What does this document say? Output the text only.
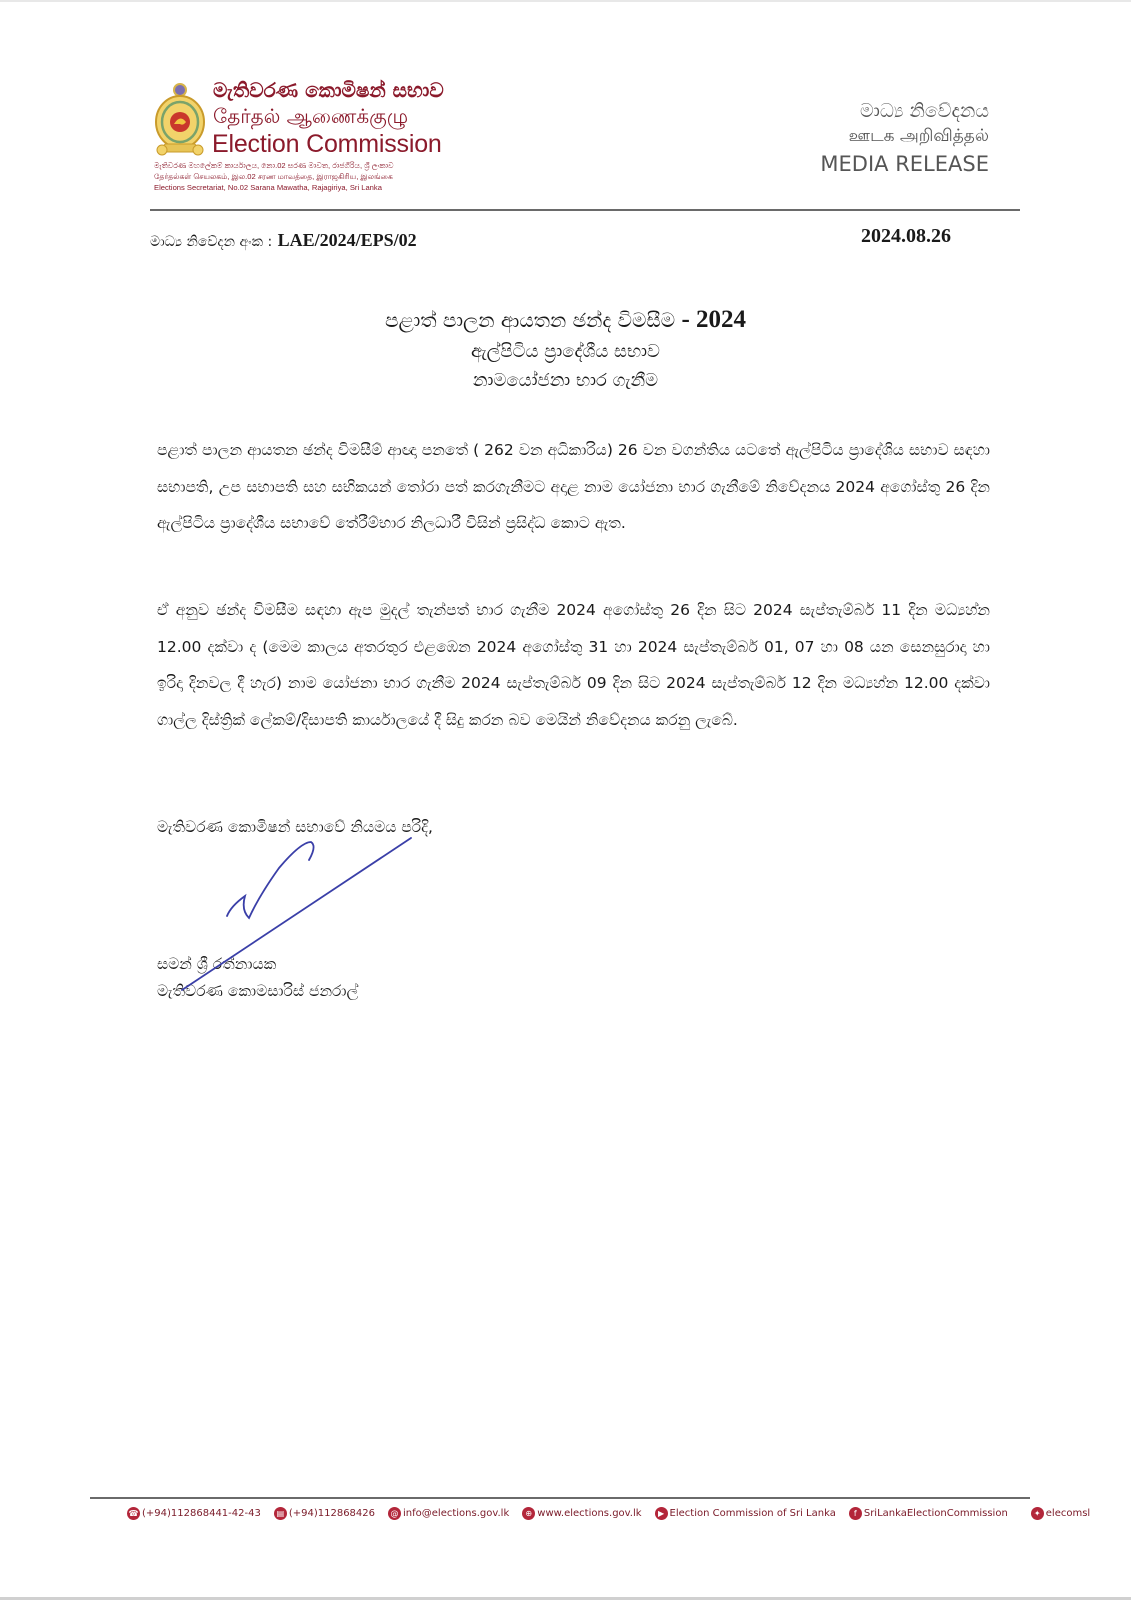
මැතිවරණ කොමිෂන් සභාව
தேர்தல் ஆணைக்குழு
Election Commission
මැතිවරණ මහලේකම් කාර්යාලය, නො.02 සරණ මාවත, රාජගිරිය, ශ්‍රී ලංකාව
தேர்தல்கள் செயலகம், இல.02 சரண மாவத்தை, இராஜகிரிய, இலங்கை
Elections Secretariat, No.02 Sarana Mawatha, Rajagiriya, Sri Lanka
මාධ්‍ය නිවේදනය
ஊடக அறிவித்தல்
MEDIA RELEASE
මාධ්‍ය නිවේදන අංක : LAE/2024/EPS/02	2024.08.26
පළාත් පාලන ආයතන ඡන්ද විමසීම - 2024
ඇල්පිටිය ප්‍රාදේශීය සභාව
නාමයෝජනා භාර ගැනීම
පළාත් පාලන ආයතන ඡන්ද විමසීම් ආඥා පනතේ ( 262 වන අධිකාරිය) 26 වන වගන්තිය යටතේ ඇල්පිටිය ප්‍රාදේශිය සභාව සඳහා සභාපති, උප සභාපති සහ සභිකයන් තෝරා පත් කරගැනීමට අදාළ නාම යෝජනා භාර ගැනීමේ නිවේදනය 2024 අගෝස්තු 26 දින ඇල්පිටිය ප්‍රාදේශීය සභාවේ තේරීම්භාර නිලධාරී විසින් ප්‍රසිද්ධ කොට ඇත.
ඒ අනුව ඡන්ද විමසීම සඳහා ඇප මුදල් තැන්පත් භාර ගැනීම 2024 අගෝස්තු 26 දින සිට 2024 සැප්තැම්බර් 11 දින මධ්‍යහ්න 12.00 දක්වා ද (මෙම කාලය අතරතුර එළඹෙන 2024 අගෝස්තු 31 හා 2024 සැප්තැම්බර් 01, 07 හා 08 යන සෙනසුරාදා හා ඉරිදා දිනවල දී හැර) නාම යෝජනා භාර ගැනීම 2024 සැප්තැම්බර් 09 දින සිට 2024 සැප්තැම්බර් 12 දින මධ්‍යහ්න 12.00 දක්වා ගාල්ල දිස්ත්‍රික් ලේකම්/දිසාපති කාර්යාලයේ දී සිදු කරන බව මෙයින් නිවේදනය කරනු ලැබේ.
මැතිවරණ කොමිෂන් සභාවේ නියමය පරිදි,
සමන් ශ්‍රී රත්නායක
මැතිවරණ කොමසාරිස් ජනරාල්
☎ (+94)112868441-42-43	▤ (+94)112868426	@ info@elections.gov.lk	⊕ www.elections.gov.lk	▶ Election Commission of Sri Lanka	f SriLankaElectionCommission	✦ elecomsl
